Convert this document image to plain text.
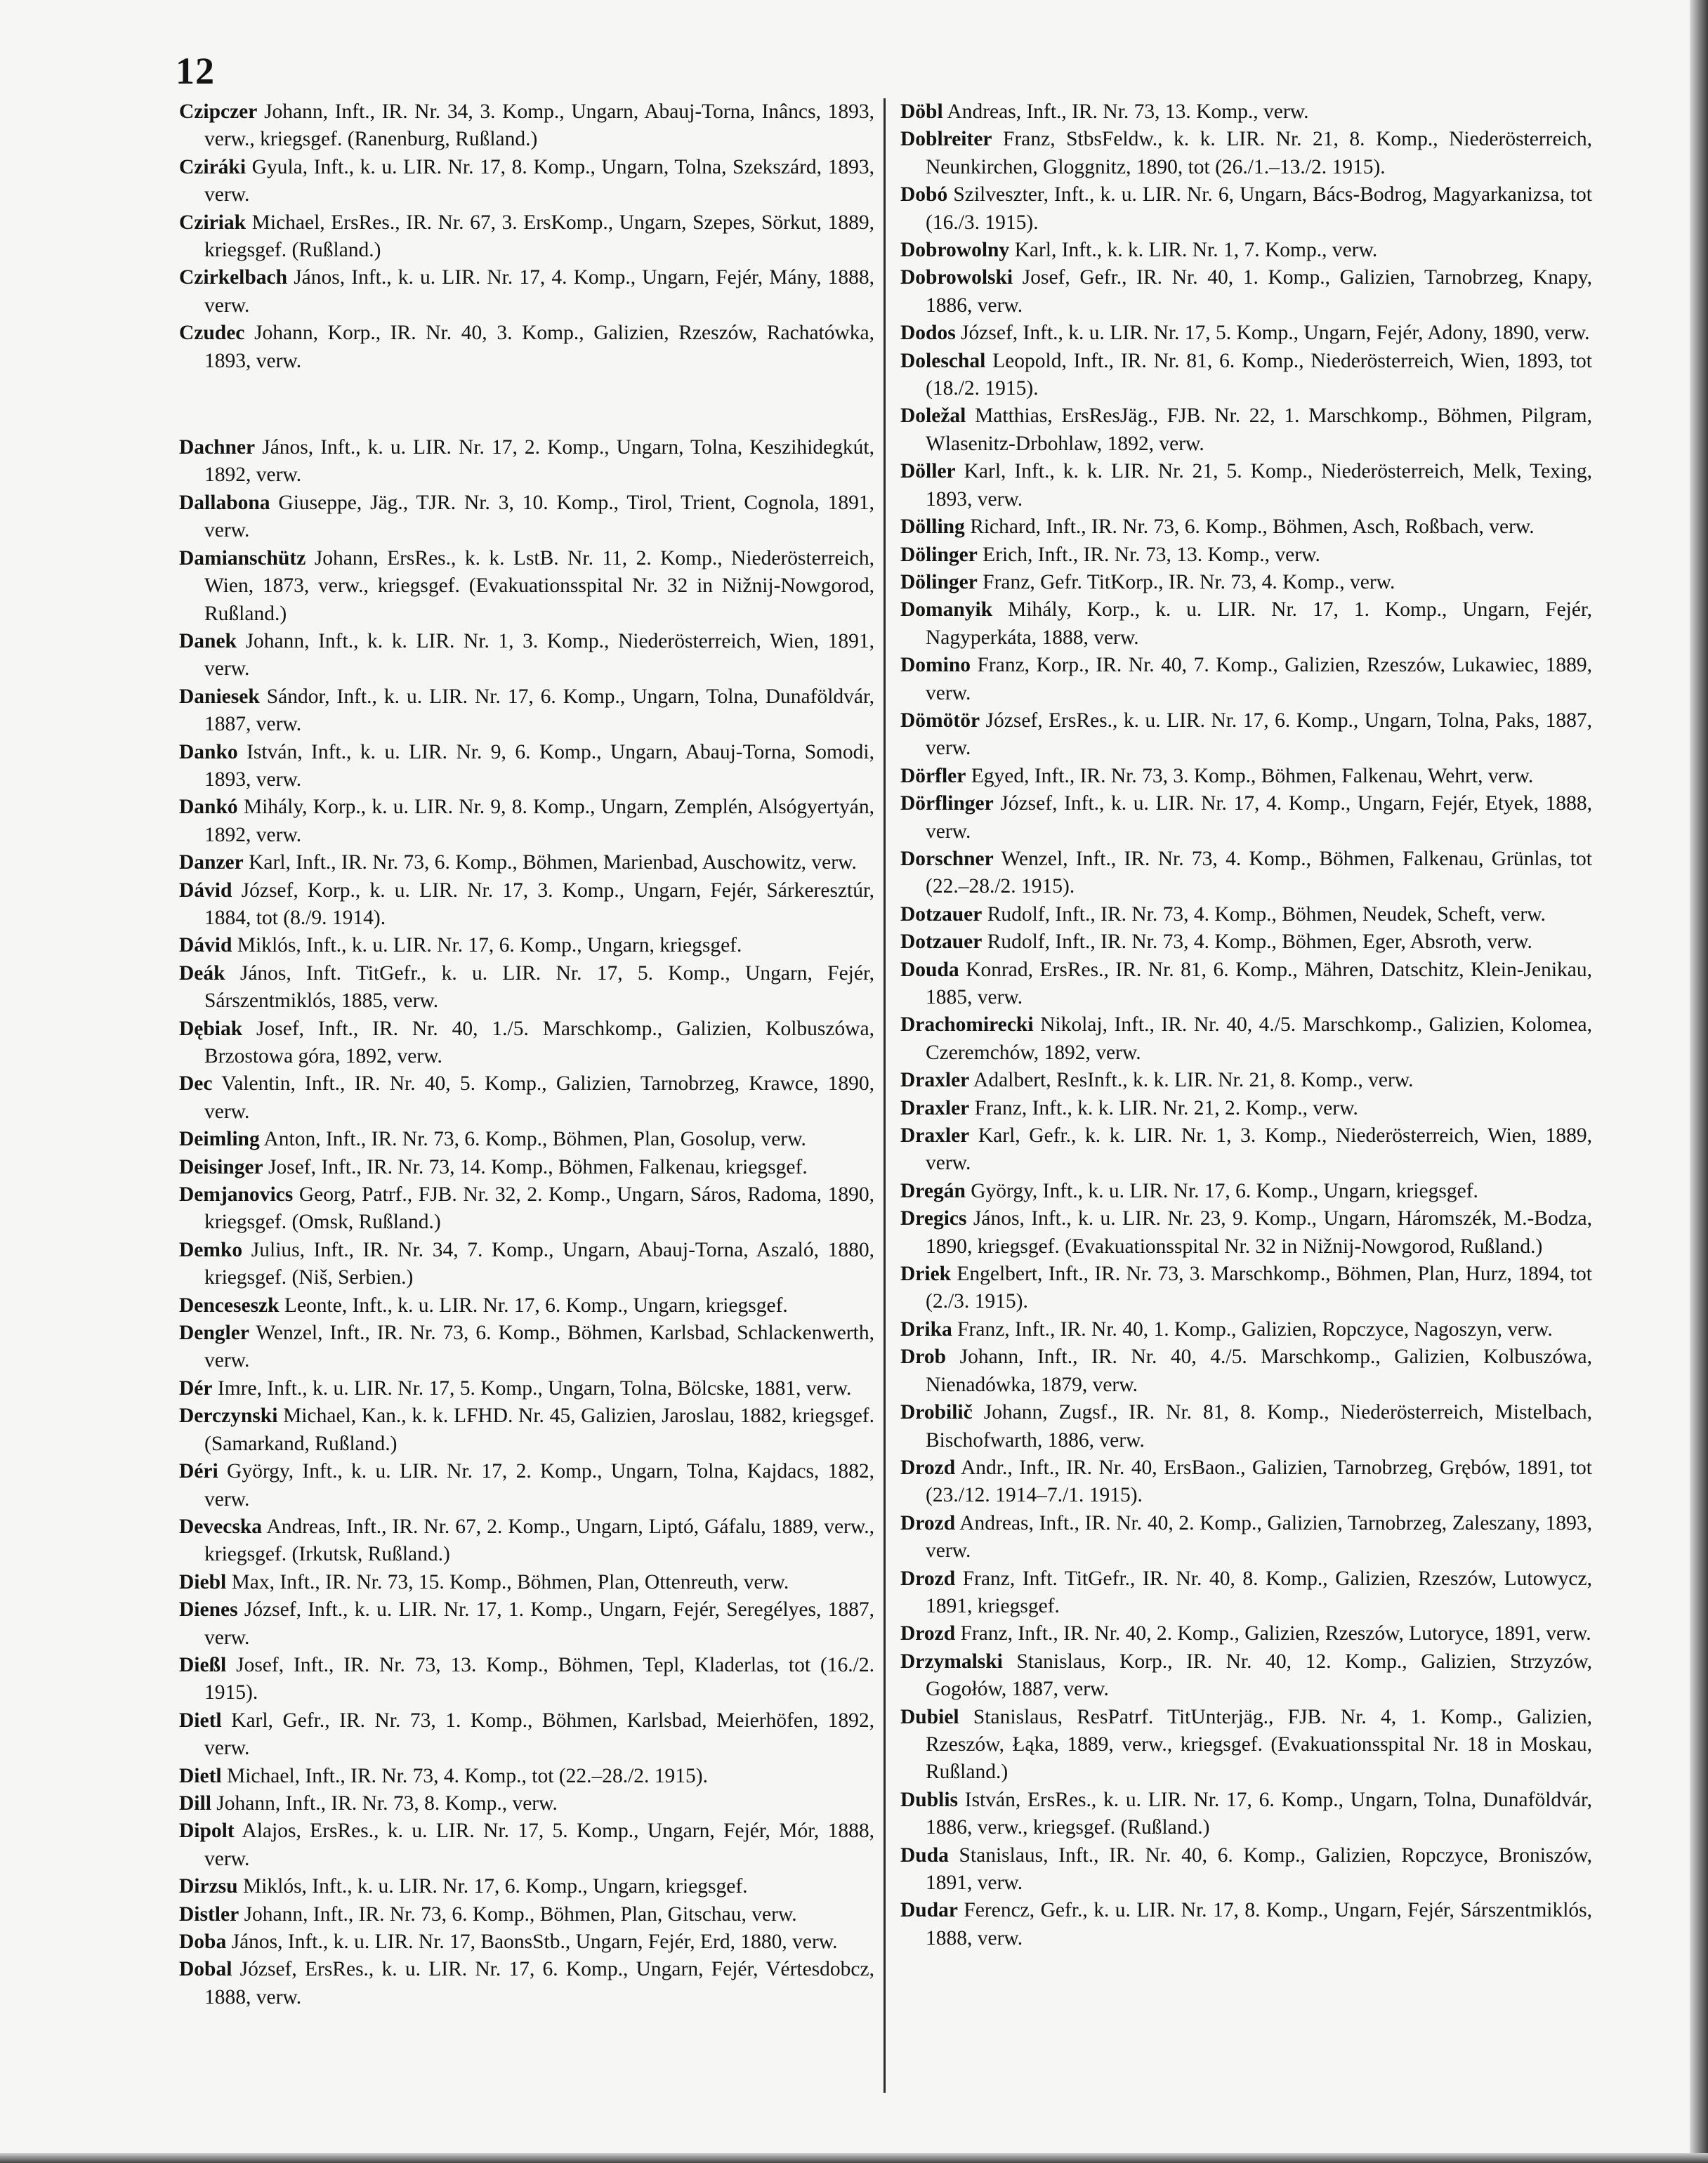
12

Czipczer Johann, Inft., IR. Nr. 34, 3. Komp., Ungarn, Abauj-Torna, Inâncs, 1893, verw., kriegsgef. (Ranenburg, Rußland.)

Cziráki Gyula, Inft., k. u. LIR. Nr. 17, 8. Komp., Ungarn, Tolna, Szekszárd, 1893, verw.

Cziriak Michael, ErsRes., IR. Nr. 67, 3. ErsKomp., Ungarn, Szepes, Sörkut, 1889, kriegsgef. (Rußland.)

Czirkelbach János, Inft., k. u. LIR. Nr. 17, 4. Komp., Ungarn, Fejér, Mány, 1888, verw.

Czudec Johann, Korp., IR. Nr. 40, 3. Komp., Galizien, Rzeszów, Rachatówka, 1893, verw.

Dachner János, Inft., k. u. LIR. Nr. 17, 2. Komp., Ungarn, Tolna, Keszihidegkút, 1892, verw.

Dallabona Giuseppe, Jäg., TJR. Nr. 3, 10. Komp., Tirol, Trient, Cognola, 1891, verw.

Damianschütz Johann, ErsRes., k. k. LstB. Nr. 11, 2. Komp., Niederösterreich, Wien, 1873, verw., kriegsgef. (Evakuationsspital Nr. 32 in Nižnij-Nowgorod, Rußland.)

Danek Johann, Inft., k. k. LIR. Nr. 1, 3. Komp., Niederösterreich, Wien, 1891, verw.

Daniesek Sándor, Inft., k. u. LIR. Nr. 17, 6. Komp., Ungarn, Tolna, Dunaföldvár, 1887, verw.

Danko István, Inft., k. u. LIR. Nr. 9, 6. Komp., Ungarn, Abauj-Torna, Somodi, 1893, verw.

Dankó Mihály, Korp., k. u. LIR. Nr. 9, 8. Komp., Ungarn, Zemplén, Alsógyertyán, 1892, verw.

Danzer Karl, Inft., IR. Nr. 73, 6. Komp., Böhmen, Marienbad, Auschowitz, verw.

Dávid József, Korp., k. u. LIR. Nr. 17, 3. Komp., Ungarn, Fejér, Sárkeresztúr, 1884, tot (8./9. 1914).

Dávid Miklós, Inft., k. u. LIR. Nr. 17, 6. Komp., Ungarn, kriegsgef.

Deák János, Inft. TitGefr., k. u. LIR. Nr. 17, 5. Komp., Ungarn, Fejér, Sárszentmiklós, 1885, verw.

Dębiak Josef, Inft., IR. Nr. 40, 1./5. Marschkomp., Galizien, Kolbuszówa, Brzostowa góra, 1892, verw.

Dec Valentin, Inft., IR. Nr. 40, 5. Komp., Galizien, Tarnobrzeg, Krawce, 1890, verw.

Deimling Anton, Inft., IR. Nr. 73, 6. Komp., Böhmen, Plan, Gosolup, verw.

Deisinger Josef, Inft., IR. Nr. 73, 14. Komp., Böhmen, Falkenau, kriegsgef.

Demjanovics Georg, Patrf., FJB. Nr. 32, 2. Komp., Ungarn, Sáros, Radoma, 1890, kriegsgef. (Omsk, Rußland.)

Demko Julius, Inft., IR. Nr. 34, 7. Komp., Ungarn, Abauj-Torna, Aszaló, 1880, kriegsgef. (Niš, Serbien.)

Denceseszk Leonte, Inft., k. u. LIR. Nr. 17, 6. Komp., Ungarn, kriegsgef.

Dengler Wenzel, Inft., IR. Nr. 73, 6. Komp., Böhmen, Karlsbad, Schlackenwerth, verw.

Dér Imre, Inft., k. u. LIR. Nr. 17, 5. Komp., Ungarn, Tolna, Bölcske, 1881, verw.

Derczynski Michael, Kan., k. k. LFHD. Nr. 45, Galizien, Jaroslau, 1882, kriegsgef. (Samarkand, Rußland.)

Déri György, Inft., k. u. LIR. Nr. 17, 2. Komp., Ungarn, Tolna, Kajdacs, 1882, verw.

Devecska Andreas, Inft., IR. Nr. 67, 2. Komp., Ungarn, Liptó, Gáfalu, 1889, verw., kriegsgef. (Irkutsk, Rußland.)

Diebl Max, Inft., IR. Nr. 73, 15. Komp., Böhmen, Plan, Ottenreuth, verw.

Dienes József, Inft., k. u. LIR. Nr. 17, 1. Komp., Ungarn, Fejér, Seregélyes, 1887, verw.

Dießl Josef, Inft., IR. Nr. 73, 13. Komp., Böhmen, Tepl, Kladerlas, tot (16./2. 1915).

Dietl Karl, Gefr., IR. Nr. 73, 1. Komp., Böhmen, Karlsbad, Meierhöfen, 1892, verw.

Dietl Michael, Inft., IR. Nr. 73, 4. Komp., tot (22.–28./2. 1915).

Dill Johann, Inft., IR. Nr. 73, 8. Komp., verw.

Dipolt Alajos, ErsRes., k. u. LIR. Nr. 17, 5. Komp., Ungarn, Fejér, Mór, 1888, verw.

Dirzsu Miklós, Inft., k. u. LIR. Nr. 17, 6. Komp., Ungarn, kriegsgef.

Distler Johann, Inft., IR. Nr. 73, 6. Komp., Böhmen, Plan, Gitschau, verw.

Doba János, Inft., k. u. LIR. Nr. 17, BaonsStb., Ungarn, Fejér, Erd, 1880, verw.

Dobal József, ErsRes., k. u. LIR. Nr. 17, 6. Komp., Ungarn, Fejér, Vértesdobcz, 1888, verw.

Döbl Andreas, Inft., IR. Nr. 73, 13. Komp., verw.

Doblreiter Franz, StbsFeldw., k. k. LIR. Nr. 21, 8. Komp., Niederösterreich, Neunkirchen, Gloggnitz, 1890, tot (26./1.–13./2. 1915).

Dobó Szilveszter, Inft., k. u. LIR. Nr. 6, Ungarn, Bács-Bodrog, Magyarkanizsa, tot (16./3. 1915).

Dobrowolny Karl, Inft., k. k. LIR. Nr. 1, 7. Komp., verw.

Dobrowolski Josef, Gefr., IR. Nr. 40, 1. Komp., Galizien, Tarnobrzeg, Knapy, 1886, verw.

Dodos József, Inft., k. u. LIR. Nr. 17, 5. Komp., Ungarn, Fejér, Adony, 1890, verw.

Doleschal Leopold, Inft., IR. Nr. 81, 6. Komp., Niederösterreich, Wien, 1893, tot (18./2. 1915).

Doležal Matthias, ErsResJäg., FJB. Nr. 22, 1. Marschkomp., Böhmen, Pilgram, Wlasenitz-Drbohlaw, 1892, verw.

Döller Karl, Inft., k. k. LIR. Nr. 21, 5. Komp., Niederösterreich, Melk, Texing, 1893, verw.

Dölling Richard, Inft., IR. Nr. 73, 6. Komp., Böhmen, Asch, Roßbach, verw.

Dölinger Erich, Inft., IR. Nr. 73, 13. Komp., verw.

Dölinger Franz, Gefr. TitKorp., IR. Nr. 73, 4. Komp., verw.

Domanyik Mihály, Korp., k. u. LIR. Nr. 17, 1. Komp., Ungarn, Fejér, Nagyperkáta, 1888, verw.

Domino Franz, Korp., IR. Nr. 40, 7. Komp., Galizien, Rzeszów, Lukawiec, 1889, verw.

Dömötör József, ErsRes., k. u. LIR. Nr. 17, 6. Komp., Ungarn, Tolna, Paks, 1887, verw.

Dörfler Egyed, Inft., IR. Nr. 73, 3. Komp., Böhmen, Falkenau, Wehrt, verw.

Dörflinger József, Inft., k. u. LIR. Nr. 17, 4. Komp., Ungarn, Fejér, Etyek, 1888, verw.

Dorschner Wenzel, Inft., IR. Nr. 73, 4. Komp., Böhmen, Falkenau, Grünlas, tot (22.–28./2. 1915).

Dotzauer Rudolf, Inft., IR. Nr. 73, 4. Komp., Böhmen, Neudek, Scheft, verw.

Dotzauer Rudolf, Inft., IR. Nr. 73, 4. Komp., Böhmen, Eger, Absroth, verw.

Douda Konrad, ErsRes., IR. Nr. 81, 6. Komp., Mähren, Datschitz, Klein-Jenikau, 1885, verw.

Drachomirecki Nikolaj, Inft., IR. Nr. 40, 4./5. Marschkomp., Galizien, Kolomea, Czeremchów, 1892, verw.

Draxler Adalbert, ResInft., k. k. LIR. Nr. 21, 8. Komp., verw.

Draxler Franz, Inft., k. k. LIR. Nr. 21, 2. Komp., verw.

Draxler Karl, Gefr., k. k. LIR. Nr. 1, 3. Komp., Niederösterreich, Wien, 1889, verw.

Dregán György, Inft., k. u. LIR. Nr. 17, 6. Komp., Ungarn, kriegsgef.

Dregics János, Inft., k. u. LIR. Nr. 23, 9. Komp., Ungarn, Háromszék, M.-Bodza, 1890, kriegsgef. (Evakuationsspital Nr. 32 in Nižnij-Nowgorod, Rußland.)

Driek Engelbert, Inft., IR. Nr. 73, 3. Marschkomp., Böhmen, Plan, Hurz, 1894, tot (2./3. 1915).

Drika Franz, Inft., IR. Nr. 40, 1. Komp., Galizien, Ropczyce, Nagoszyn, verw.

Drob Johann, Inft., IR. Nr. 40, 4./5. Marschkomp., Galizien, Kolbuszówa, Nienadówka, 1879, verw.

Drobilič Johann, Zugsf., IR. Nr. 81, 8. Komp., Niederösterreich, Mistelbach, Bischofwarth, 1886, verw.

Drozd Andr., Inft., IR. Nr. 40, ErsBaon., Galizien, Tarnobrzeg, Grębów, 1891, tot (23./12. 1914–7./1. 1915).

Drozd Andreas, Inft., IR. Nr. 40, 2. Komp., Galizien, Tarnobrzeg, Zaleszany, 1893, verw.

Drozd Franz, Inft. TitGefr., IR. Nr. 40, 8. Komp., Galizien, Rzeszów, Lutowycz, 1891, kriegsgef.

Drozd Franz, Inft., IR. Nr. 40, 2. Komp., Galizien, Rzeszów, Lutoryce, 1891, verw.

Drzymalski Stanislaus, Korp., IR. Nr. 40, 12. Komp., Galizien, Strzyzów, Gogołów, 1887, verw.

Dubiel Stanislaus, ResPatrf. TitUnterjäg., FJB. Nr. 4, 1. Komp., Galizien, Rzeszów, Łąka, 1889, verw., kriegsgef. (Evakuationsspital Nr. 18 in Moskau, Rußland.)

Dublis István, ErsRes., k. u. LIR. Nr. 17, 6. Komp., Ungarn, Tolna, Dunaföldvár, 1886, verw., kriegsgef. (Rußland.)

Duda Stanislaus, Inft., IR. Nr. 40, 6. Komp., Galizien, Ropczyce, Broniszów, 1891, verw.

Dudar Ferencz, Gefr., k. u. LIR. Nr. 17, 8. Komp., Ungarn, Fejér, Sárszentmiklós, 1888, verw.
